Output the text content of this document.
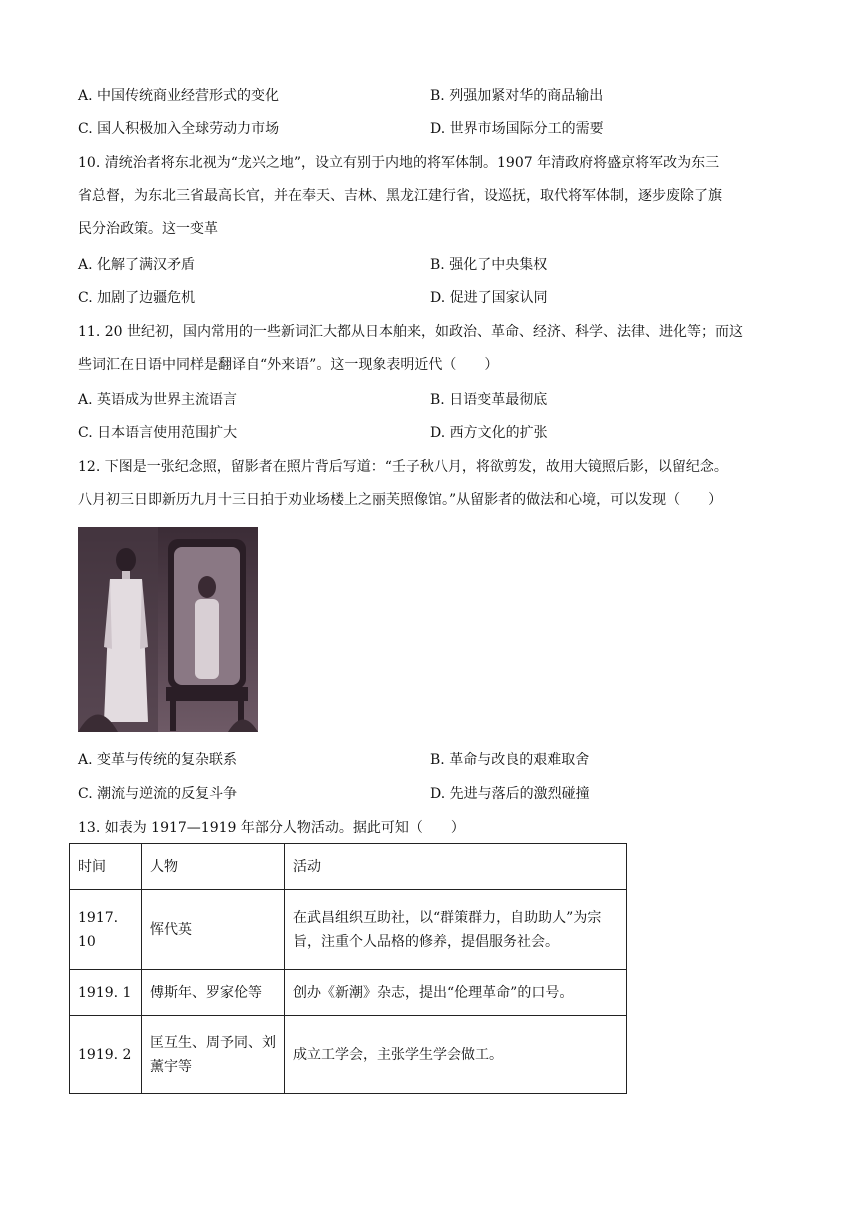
A. 中国传统商业经营形式的变化	B. 列强加紧对华的商品输出
C. 国人积极加入全球劳动力市场	D. 世界市场国际分工的需要
10. 清统治者将东北视为“龙兴之地”，设立有别于内地的将军体制。1907 年清政府将盛京将军改为东三
省总督，为东北三省最高长官，并在奉天、吉林、黑龙江建行省，设巡抚，取代将军体制，逐步废除了旗
民分治政策。这一变革
A. 化解了满汉矛盾	B. 强化了中央集权
C. 加剧了边疆危机	D. 促进了国家认同
11. 20 世纪初，国内常用的一些新词汇大都从日本舶来，如政治、革命、经济、科学、法律、进化等；而这
些词汇在日语中同样是翻译自“外来语”。这一现象表明近代（　　）
A. 英语成为世界主流语言	B. 日语变革最彻底
C. 日本语言使用范围扩大	D. 西方文化的扩张
12. 下图是一张纪念照，留影者在照片背后写道：“壬子秋八月，将欲剪发，故用大镜照后影，以留纪念。
八月初三日即新历九月十三日拍于劝业场楼上之丽芙照像馆。”从留影者的做法和心境，可以发现（　　）
A. 变革与传统的复杂联系	B. 革命与改良的艰难取舍
C. 潮流与逆流的反复斗争	D. 先进与落后的激烈碰撞
13. 如表为 1917—1919 年部分人物活动。据此可知（　　）
时间	人物	活动
1917. 10	恽代英	在武昌组织互助社，以“群策群力，自助助人”为宗旨，注重个人品格的修养，提倡服务社会。
1919. 1	傅斯年、罗家伦等	创办《新潮》杂志，提出“伦理革命”的口号。
1919. 2	匡互生、周予同、刘薰宇等	成立工学会，主张学生学会做工。
